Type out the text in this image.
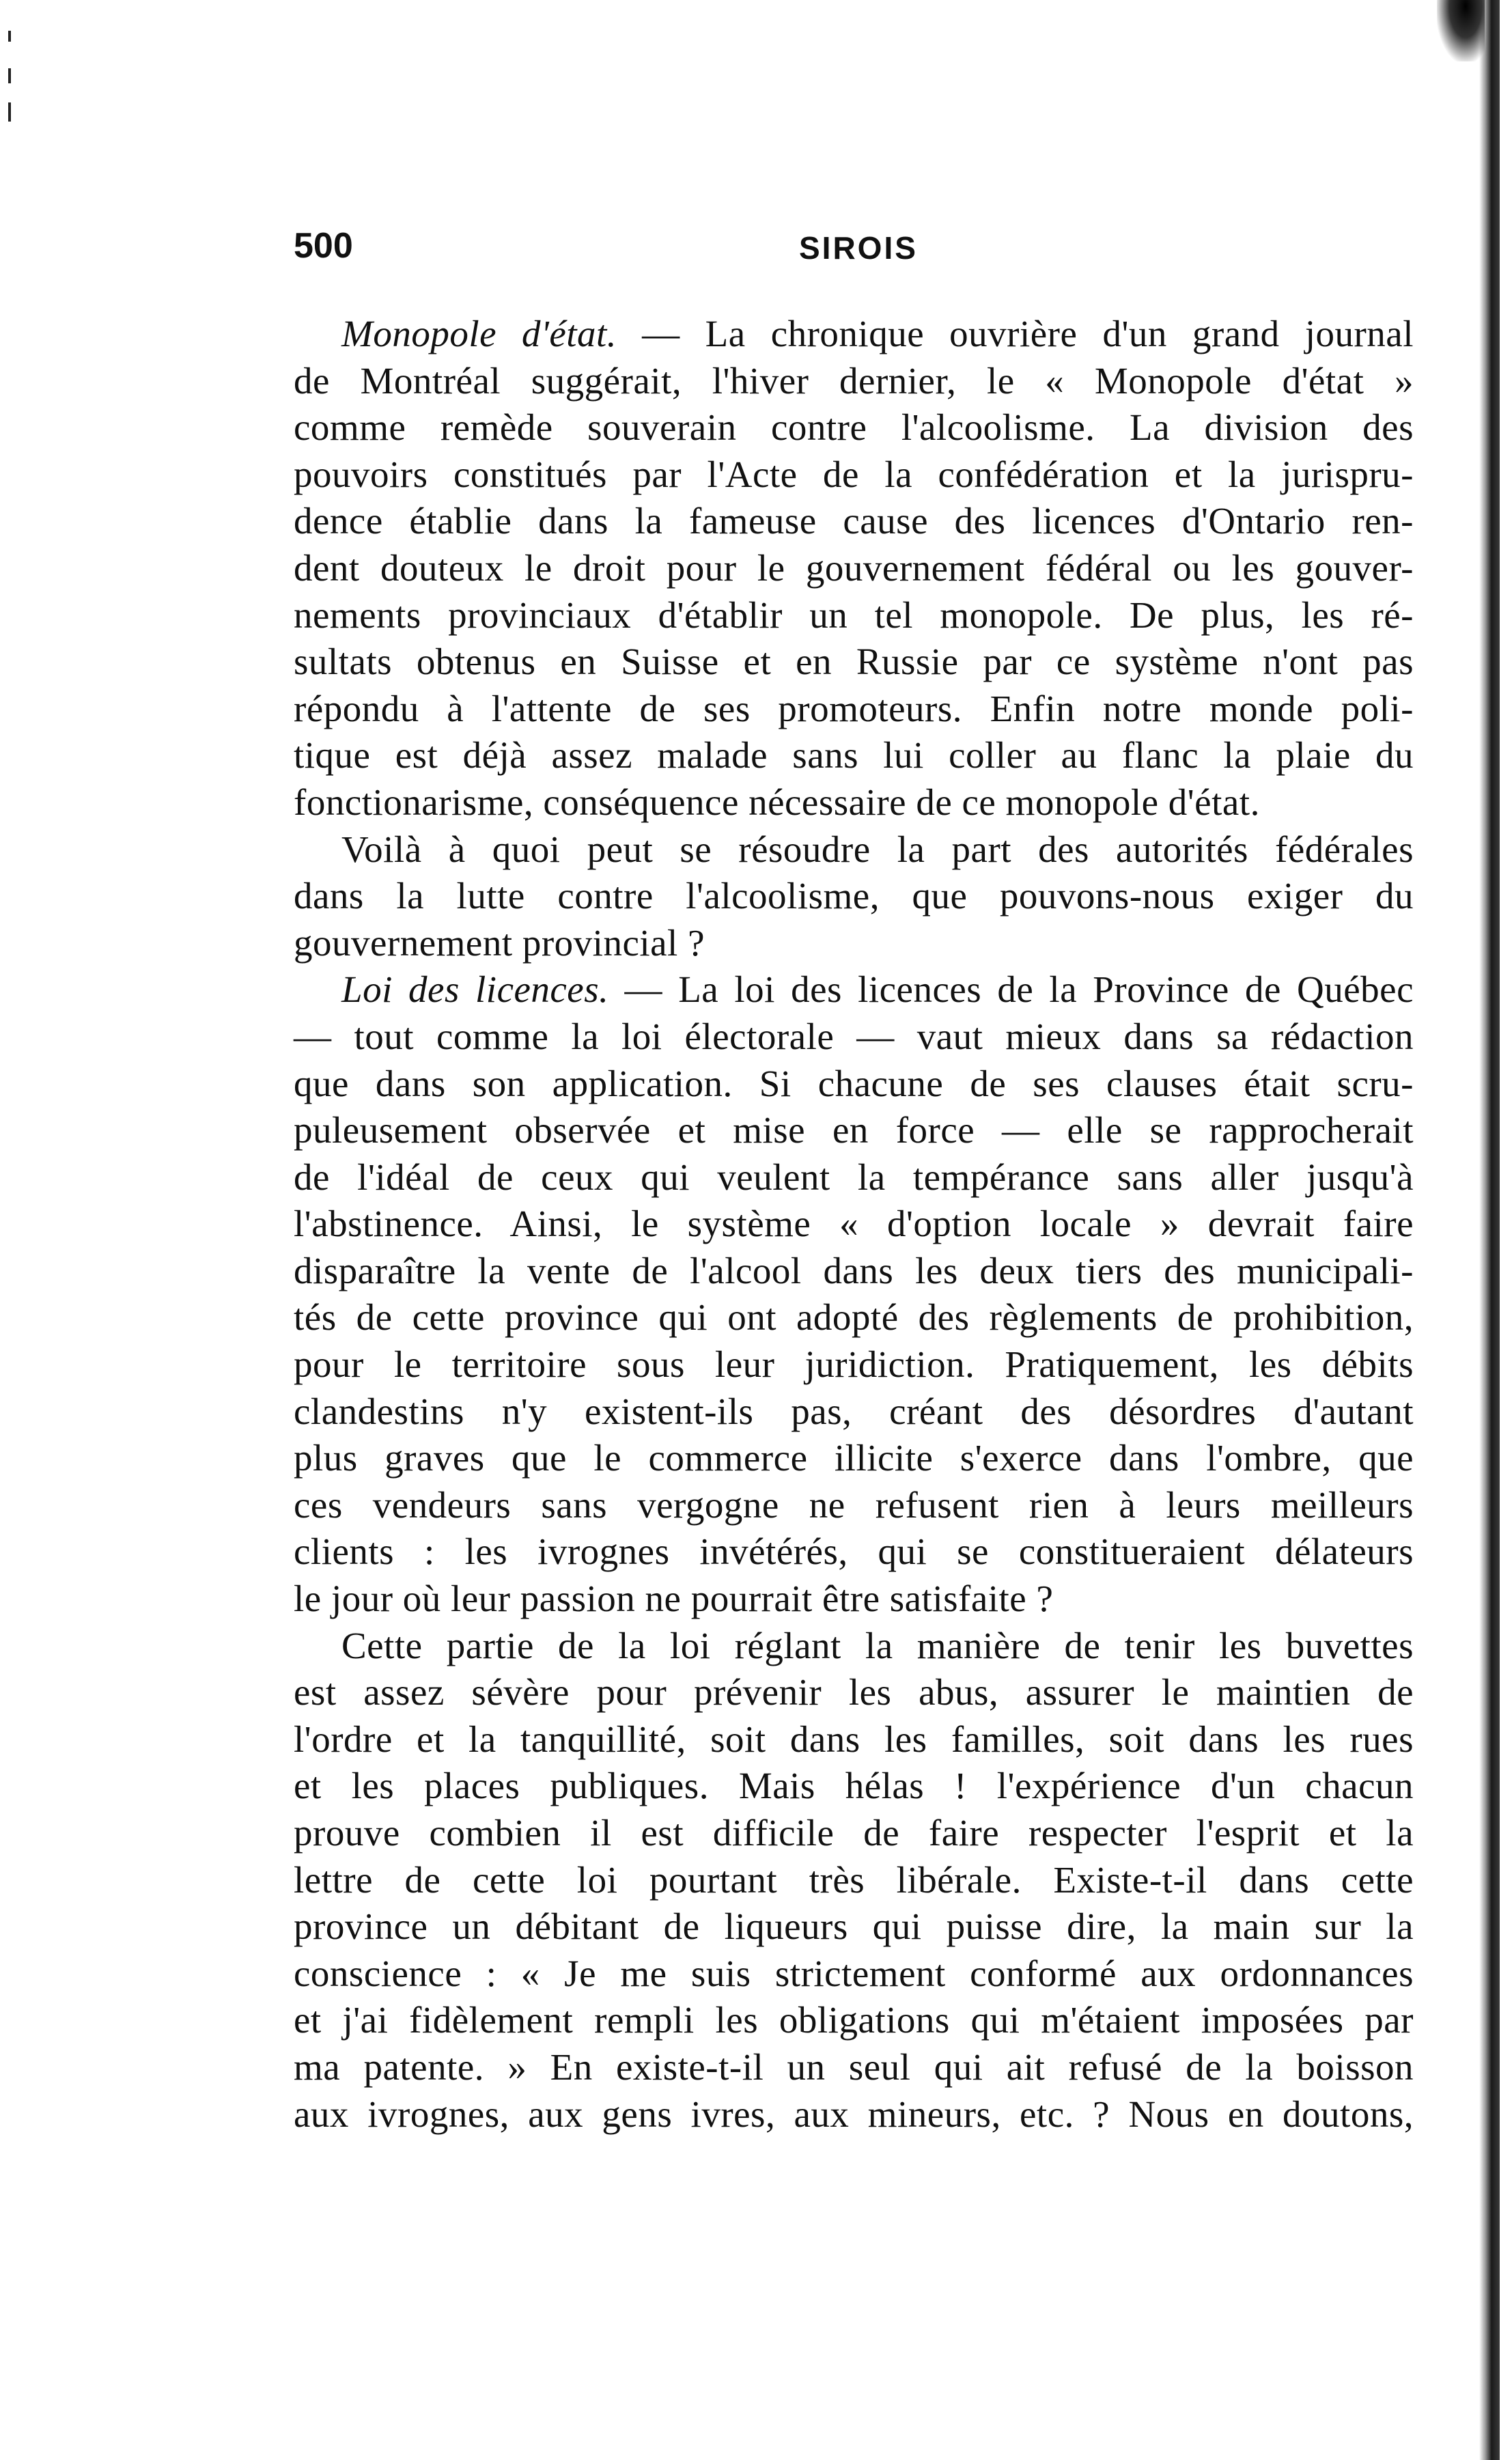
500	SIROIS
Monopole d'état. — La chronique ouvrière d'un grand journal
de Montréal suggérait, l'hiver dernier, le « Monopole d'état »
comme remède souverain contre l'alcoolisme. La division des
pouvoirs constitués par l'Acte de la confédération et la jurispru-
dence établie dans la fameuse cause des licences d'Ontario ren-
dent douteux le droit pour le gouvernement fédéral ou les gouver-
nements provinciaux d'établir un tel monopole. De plus, les ré-
sultats obtenus en Suisse et en Russie par ce système n'ont pas
répondu à l'attente de ses promoteurs. Enfin notre monde poli-
tique est déjà assez malade sans lui coller au flanc la plaie du
fonctionarisme, conséquence nécessaire de ce monopole d'état.
Voilà à quoi peut se résoudre la part des autorités fédérales
dans la lutte contre l'alcoolisme, que pouvons-nous exiger du
gouvernement provincial ?
Loi des licences. — La loi des licences de la Province de Québec
— tout comme la loi électorale — vaut mieux dans sa rédaction
que dans son application. Si chacune de ses clauses était scru-
puleusement observée et mise en force — elle se rapprocherait
de l'idéal de ceux qui veulent la tempérance sans aller jusqu'à
l'abstinence. Ainsi, le système « d'option locale » devrait faire
disparaître la vente de l'alcool dans les deux tiers des municipali-
tés de cette province qui ont adopté des règlements de prohibition,
pour le territoire sous leur juridiction. Pratiquement, les débits
clandestins n'y existent-ils pas, créant des désordres d'autant
plus graves que le commerce illicite s'exerce dans l'ombre, que
ces vendeurs sans vergogne ne refusent rien à leurs meilleurs
clients : les ivrognes invétérés, qui se constitueraient délateurs
le jour où leur passion ne pourrait être satisfaite ?
Cette partie de la loi réglant la manière de tenir les buvettes
est assez sévère pour prévenir les abus, assurer le maintien de
l'ordre et la tanquillité, soit dans les familles, soit dans les rues
et les places publiques. Mais hélas ! l'expérience d'un chacun
prouve combien il est difficile de faire respecter l'esprit et la
lettre de cette loi pourtant très libérale. Existe-t-il dans cette
province un débitant de liqueurs qui puisse dire, la main sur la
conscience : « Je me suis strictement conformé aux ordonnances
et j'ai fidèlement rempli les obligations qui m'étaient imposées par
ma patente. » En existe-t-il un seul qui ait refusé de la boisson
aux ivrognes, aux gens ivres, aux mineurs, etc. ? Nous en doutons,
